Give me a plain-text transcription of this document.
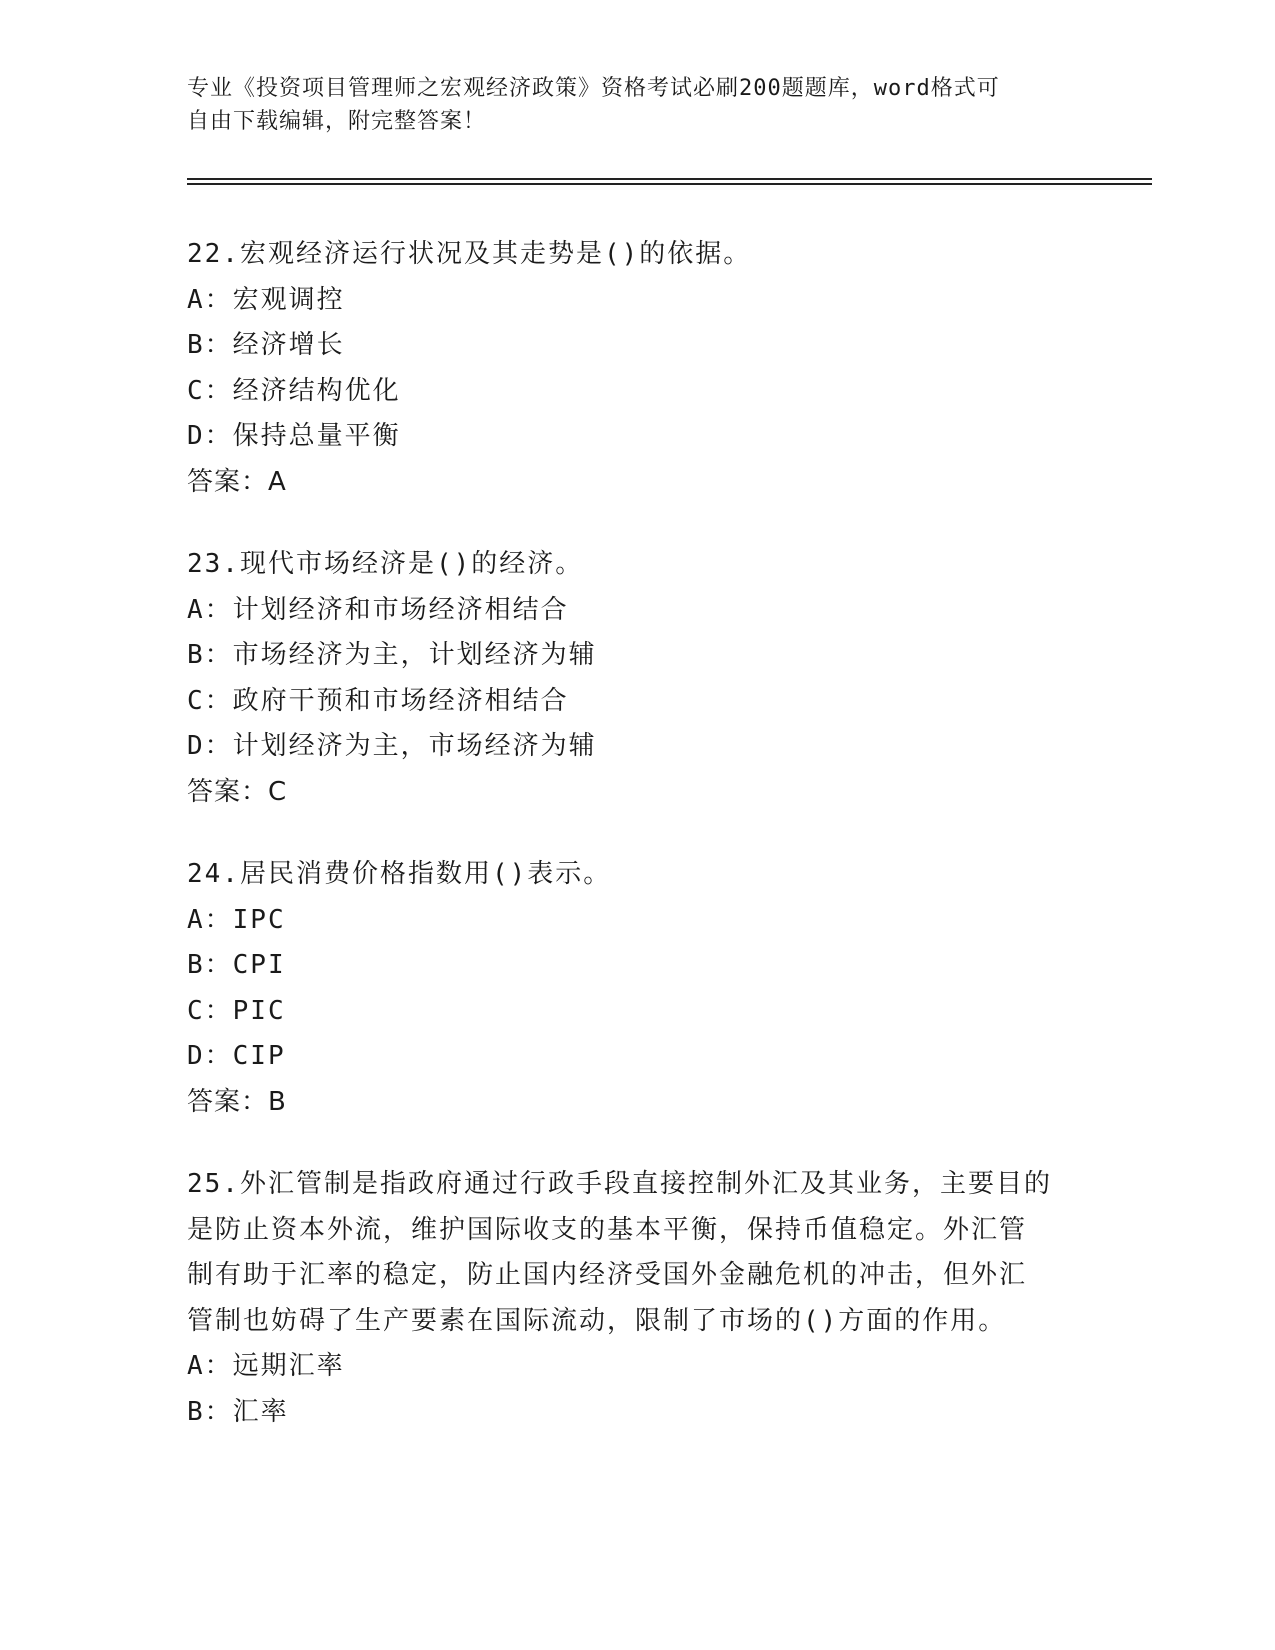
专业《投资项目管理师之宏观经济政策》资格考试必刷200题题库，word格式可
自由下载编辑，附完整答案！

22.宏观经济运行状况及其走势是()的依据。

A：宏观调控

B：经济增长

C：经济结构优化

D：保持总量平衡

答案：A

23.现代市场经济是()的经济。

A：计划经济和市场经济相结合

B：市场经济为主，计划经济为辅

C：政府干预和市场经济相结合

D：计划经济为主，市场经济为辅

答案：C

24.居民消费价格指数用()表示。

A：IPC

B：CPI

C：PIC

D：CIP

答案：B

25.外汇管制是指政府通过行政手段直接控制外汇及其业务，主要目的

是防止资本外流，维护国际收支的基本平衡，保持币值稳定。外汇管

制有助于汇率的稳定，防止国内经济受国外金融危机的冲击，但外汇

管制也妨碍了生产要素在国际流动，限制了市场的()方面的作用。

A：远期汇率

B：汇率
